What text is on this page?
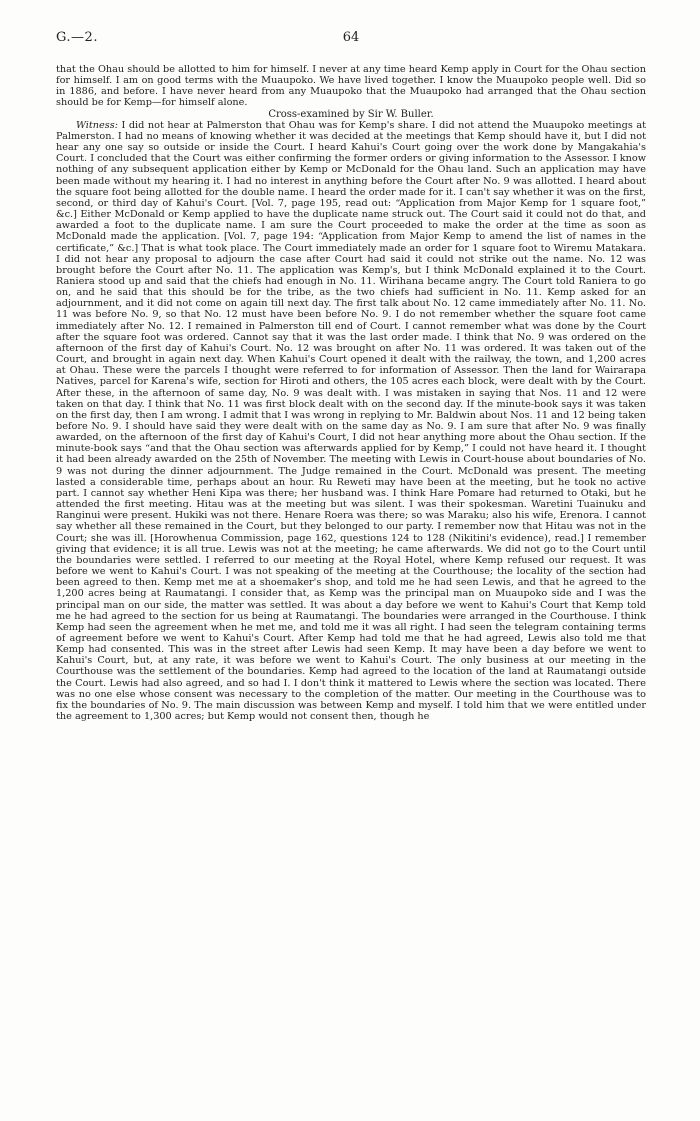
G.—2.	64

that the Ohau should be allotted to him for himself. I never at any time heard Kemp apply in Court for the Ohau section for himself. I am on good terms with the Muaupoko. We have lived together. I know the Muaupoko people well. Did so in 1886, and before. I have never heard from any Muaupoko that the Muaupoko had arranged that the Ohau section should be for Kemp—for himself alone.

Cross-examined by Sir W. Buller.

Witness: I did not hear at Palmerston that Ohau was for Kemp's share. I did not attend the Muaupoko meetings at Palmerston. I had no means of knowing whether it was decided at the meetings that Kemp should have it, but I did not hear any one say so outside or inside the Court. I heard Kahui's Court going over the work done by Mangakahia's Court. I concluded that the Court was either confirming the former orders or giving information to the Assessor. I know nothing of any subsequent application either by Kemp or McDonald for the Ohau land. Such an application may have been made without my hearing it. I had no interest in anything before the Court after No. 9 was allotted. I heard about the square foot being allotted for the double name. I heard the order made for it. I can't say whether it was on the first, second, or third day of Kahui's Court. [Vol. 7, page 195, read out: “Application from Major Kemp for 1 square foot,” &c.] Either McDonald or Kemp applied to have the duplicate name struck out. The Court said it could not do that, and awarded a foot to the duplicate name. I am sure the Court proceeded to make the order at the time as soon as McDonald made the application. [Vol. 7, page 194: “Application from Major Kemp to amend the list of names in the certificate,” &c.] That is what took place. The Court immediately made an order for 1 square foot to Wiremu Matakara. I did not hear any proposal to adjourn the case after Court had said it could not strike out the name. No. 12 was brought before the Court after No. 11. The application was Kemp's, but I think McDonald explained it to the Court. Raniera stood up and said that the chiefs had enough in No. 11. Wirihana became angry. The Court told Raniera to go on, and he said that this should be for the tribe, as the two chiefs had sufficient in No. 11. Kemp asked for an adjournment, and it did not come on again till next day. The first talk about No. 12 came immediately after No. 11. No. 11 was before No. 9, so that No. 12 must have been before No. 9. I do not remember whether the square foot came immediately after No. 12. I remained in Palmerston till end of Court. I cannot remember what was done by the Court after the square foot was ordered. Cannot say that it was the last order made. I think that No. 9 was ordered on the afternoon of the first day of Kahui's Court. No. 12 was brought on after No. 11 was ordered. It was taken out of the Court, and brought in again next day. When Kahui's Court opened it dealt with the railway, the town, and 1,200 acres at Ohau. These were the parcels I thought were referred to for information of Assessor. Then the land for Wairarapa Natives, parcel for Karena's wife, section for Hiroti and others, the 105 acres each block, were dealt with by the Court. After these, in the afternoon of same day, No. 9 was dealt with. I was mistaken in saying that Nos. 11 and 12 were taken on that day. I think that No. 11 was first block dealt with on the second day. If the minute-book says it was taken on the first day, then I am wrong. I admit that I was wrong in replying to Mr. Baldwin about Nos. 11 and 12 being taken before No. 9. I should have said they were dealt with on the same day as No. 9. I am sure that after No. 9 was finally awarded, on the afternoon of the first day of Kahui's Court, I did not hear anything more about the Ohau section. If the minute-book says “and that the Ohau section was afterwards applied for by Kemp,” I could not have heard it. I thought it had been already awarded on the 25th of November. The meeting with Lewis in Court-house about boundaries of No. 9 was not during the dinner adjournment. The Judge remained in the Court. McDonald was present. The meeting lasted a considerable time, perhaps about an hour. Ru Reweti may have been at the meeting, but he took no active part. I cannot say whether Heni Kipa was there; her husband was. I think Hare Pomare had returned to Otaki, but he attended the first meeting. Hitau was at the meeting but was silent. I was their spokesman. Waretini Tuainuku and Ranginui were present. Hukiki was not there. Henare Roera was there; so was Maraku; also his wife, Erenora. I cannot say whether all these remained in the Court, but they belonged to our party. I remember now that Hitau was not in the Court; she was ill. [Horowhenua Commission, page 162, questions 124 to 128 (Nikitini's evidence), read.] I remember giving that evidence; it is all true. Lewis was not at the meeting; he came afterwards. We did not go to the Court until the boundaries were settled. I referred to our meeting at the Royal Hotel, where Kemp refused our request. It was before we went to Kahui's Court. I was not speaking of the meeting at the Courthouse; the locality of the section had been agreed to then. Kemp met me at a shoemaker's shop, and told me he had seen Lewis, and that he agreed to the 1,200 acres being at Raumatangi. I consider that, as Kemp was the principal man on Muaupoko side and I was the principal man on our side, the matter was settled. It was about a day before we went to Kahui's Court that Kemp told me he had agreed to the section for us being at Raumatangi. The boundaries were arranged in the Courthouse. I think Kemp had seen the agreement when he met me, and told me it was all right. I had seen the telegram containing terms of agreement before we went to Kahui's Court. After Kemp had told me that he had agreed, Lewis also told me that Kemp had consented. This was in the street after Lewis had seen Kemp. It may have been a day before we went to Kahui's Court, but, at any rate, it was before we went to Kahui's Court. The only business at our meeting in the Courthouse was the settlement of the boundaries. Kemp had agreed to the location of the land at Raumatangi outside the Court. Lewis had also agreed, and so had I. I don't think it mattered to Lewis where the section was located. There was no one else whose consent was necessary to the completion of the matter. Our meeting in the Courthouse was to fix the boundaries of No. 9. The main discussion was between Kemp and myself. I told him that we were entitled under the agreement to 1,300 acres; but Kemp would not consent then, though he
